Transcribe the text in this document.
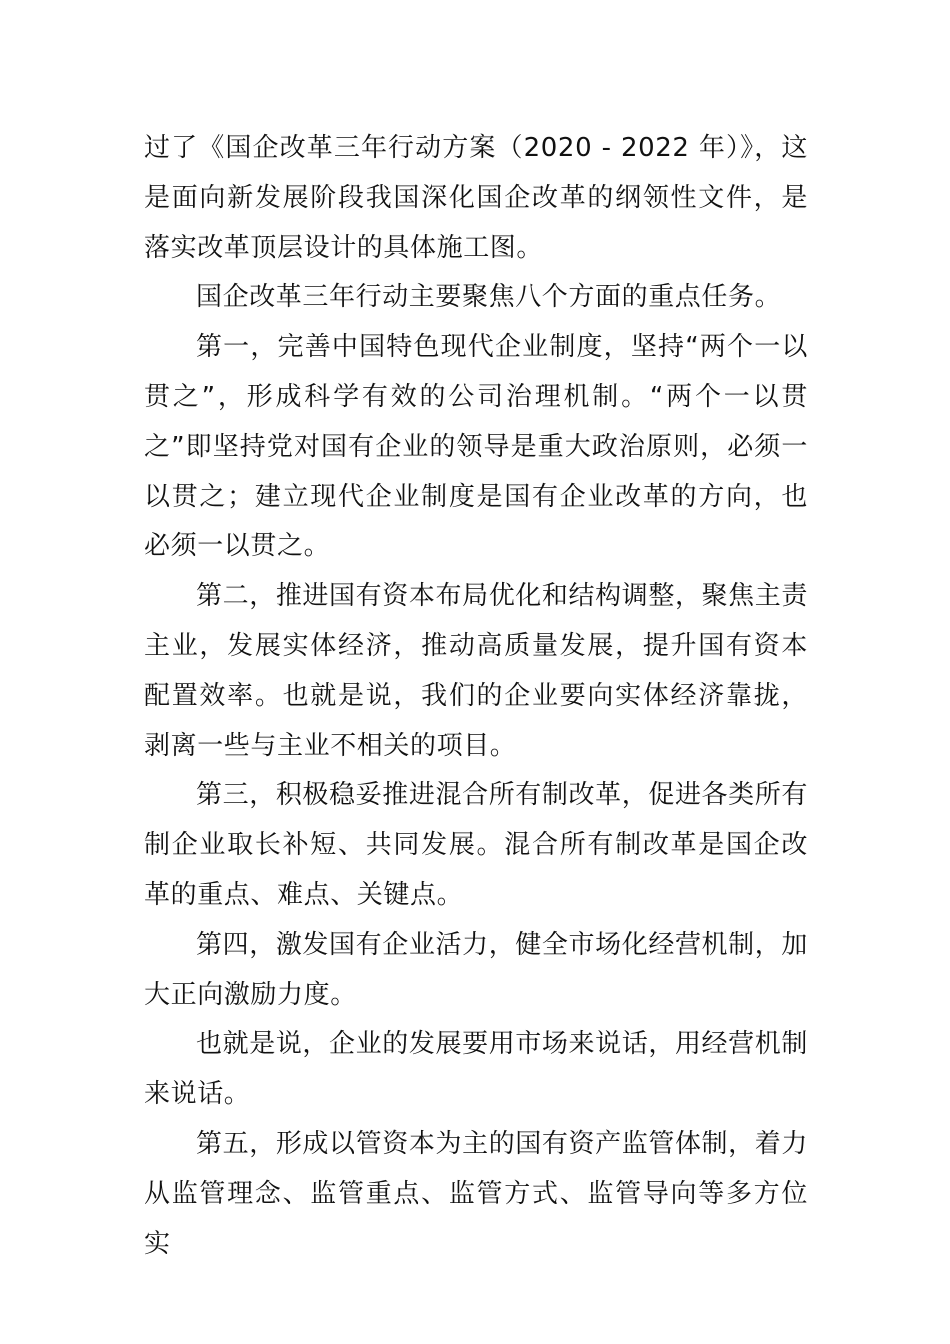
过了《国企改革三年行动方案（2020 - 2022 年）》，这是面向新发展阶段我国深化国企改革的纲领性文件，是落实改革顶层设计的具体施工图。

国企改革三年行动主要聚焦八个方面的重点任务。

第一，完善中国特色现代企业制度，坚持“两个一以贯之”，形成科学有效的公司治理机制。“两个一以贯之”即坚持党对国有企业的领导是重大政治原则，必须一以贯之；建立现代企业制度是国有企业改革的方向，也必须一以贯之。

第二，推进国有资本布局优化和结构调整，聚焦主责主业，发展实体经济，推动高质量发展，提升国有资本配置效率。也就是说，我们的企业要向实体经济靠拢，剥离一些与主业不相关的项目。

第三，积极稳妥推进混合所有制改革，促进各类所有制企业取长补短、共同发展。混合所有制改革是国企改革的重点、难点、关键点。

第四，激发国有企业活力，健全市场化经营机制，加大正向激励力度。

也就是说，企业的发展要用市场来说话，用经营机制来说话。

第五，形成以管资本为主的国有资产监管体制，着力从监管理念、监管重点、监管方式、监管导向等多方位实
